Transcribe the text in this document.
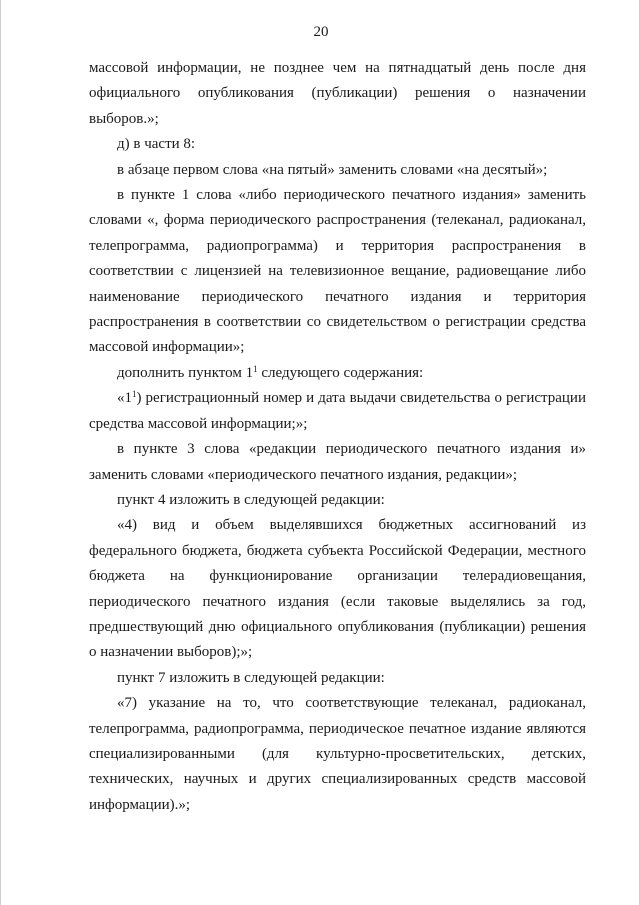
20

массовой информации, не позднее чем на пятнадцатый день после дня официального опубликования (публикации) решения о назначении выборов.»;

д) в части 8:

в абзаце первом слова «на пятый» заменить словами «на десятый»;

в пункте 1 слова «либо периодического печатного издания» заменить словами «, форма периодического распространения (телеканал, радиоканал, телепрограмма, радиопрограмма) и территория распространения в соответствии с лицензией на телевизионное вещание, радиовещание либо наименование периодического печатного издания и территория распространения в соответствии со свидетельством о регистрации средства массовой информации»;

дополнить пунктом $1^1$ следующего содержания:

«$1^1$) регистрационный номер и дата выдачи свидетельства о регистрации средства массовой информации;»;

в пункте 3 слова «редакции периодического печатного издания и» заменить словами «периодического печатного издания, редакции»;

пункт 4 изложить в следующей редакции:

«4) вид и объем выделявшихся бюджетных ассигнований из федерального бюджета, бюджета субъекта Российской Федерации, местного бюджета на функционирование организации телерадиовещания, периодического печатного издания (если таковые выделялись за год, предшествующий дню официального опубликования (публикации) решения о назначении выборов);»;

пункт 7 изложить в следующей редакции:

«7) указание на то, что соответствующие телеканал, радиоканал, телепрограмма, радиопрограмма, периодическое печатное издание являются специализированными (для культурно-просветительских, детских, технических, научных и других специализированных средств массовой информации).»;
